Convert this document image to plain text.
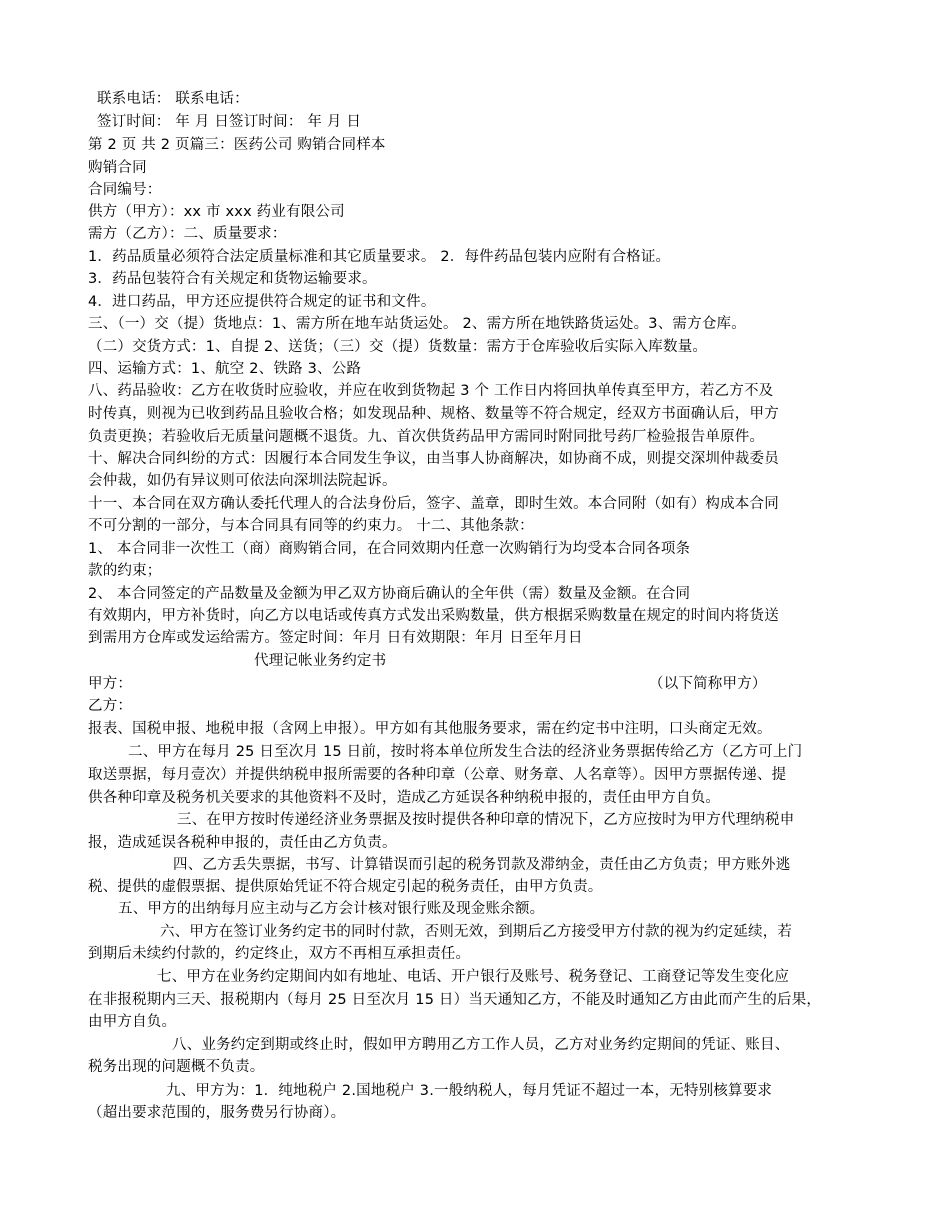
联系电话： 联系电话：
签订时间： 年 月 日签订时间： 年 月 日
第 2 页 共 2 页篇三：医药公司 购销合同样本
购销合同
合同编号：
供方（甲方）：xx 市 xxx 药业有限公司
需方（乙方）：二、质量要求：
1．药品质量必须符合法定质量标准和其它质量要求。 2．每件药品包装内应附有合格证。
3．药品包装符合有关规定和货物运输要求。
4．进口药品，甲方还应提供符合规定的证书和文件。
三、（一）交（提）货地点：1、需方所在地车站货运处。 2、需方所在地铁路货运处。3、需方仓库。
（二）交货方式：1、自提 2、送货；（三）交（提）货数量：需方于仓库验收后实际入库数量。
四、运输方式：1、航空 2、铁路 3、公路
八、药品验收：乙方在收货时应验收，并应在收到货物起 3 个 工作日内将回执单传真至甲方，若乙方不及
时传真，则视为已收到药品且验收合格；如发现品种、规格、数量等不符合规定，经双方书面确认后，甲方
负责更换；若验收后无质量问题概不退货。九、首次供货药品甲方需同时附同批号药厂检验报告单原件。
十、解决合同纠纷的方式：因履行本合同发生争议，由当事人协商解决，如协商不成，则提交深圳仲裁委员
会仲裁，如仍有异议则可依法向深圳法院起诉。
十一、本合同在双方确认委托代理人的合法身份后，签字、盖章，即时生效。本合同附（如有）构成本合同
不可分割的一部分，与本合同具有同等的约束力。 十二、其他条款：
1、 本合同非一次性工（商）商购销合同，在合同效期内任意一次购销行为均受本合同各项条
款的约束；
2、 本合同签定的产品数量及金额为甲乙双方协商后确认的全年供（需）数量及金额。在合同
有效期内，甲方补货时，向乙方以电话或传真方式发出采购数量，供方根据采购数量在规定的时间内将货送
到需用方仓库或发运给需方。签定时间：年月 日有效期限：年月 日至年月日
代理记帐业务约定书
甲方：	（以下简称甲方）
乙方：
报表、国税申报、地税申报（含网上申报）。甲方如有其他服务要求，需在约定书中注明，口头商定无效。
二、甲方在每月 25 日至次月 15 日前，按时将本单位所发生合法的经济业务票据传给乙方（乙方可上门
取送票据，每月壹次）并提供纳税申报所需要的各种印章（公章、财务章、人名章等）。因甲方票据传递、提
供各种印章及税务机关要求的其他资料不及时，造成乙方延误各种纳税申报的，责任由甲方自负。
三、在甲方按时传递经济业务票据及按时提供各种印章的情况下，乙方应按时为甲方代理纳税申
报，造成延误各税种申报的，责任由乙方负责。
四、乙方丢失票据，书写、计算错误而引起的税务罚款及滞纳金，责任由乙方负责；甲方账外逃
税、提供的虚假票据、提供原始凭证不符合规定引起的税务责任，由甲方负责。
五、甲方的出纳每月应主动与乙方会计核对银行账及现金账余额。
六、甲方在签订业务约定书的同时付款，否则无效，到期后乙方接受甲方付款的视为约定延续，若
到期后未续约付款的，约定终止，双方不再相互承担责任。
七、甲方在业务约定期间内如有地址、电话、开户银行及账号、税务登记、工商登记等发生变化应
在非报税期内三天、报税期内（每月 25 日至次月 15 日）当天通知乙方，不能及时通知乙方由此而产生的后果，
由甲方自负。
八、业务约定到期或终止时，假如甲方聘用乙方工作人员，乙方对业务约定期间的凭证、账目、
税务出现的问题概不负责。
九、甲方为：1．纯地税户 2.国地税户 3.一般纳税人，每月凭证不超过一本，无特别核算要求
（超出要求范围的，服务费另行协商）。
